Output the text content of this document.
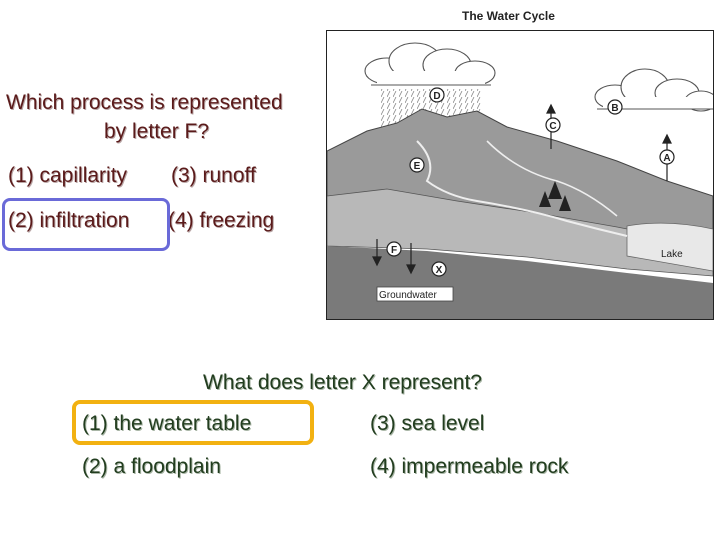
Which process is represented
by letter F?
(1) capillarity (3) runoff
(2) infiltration (4) freezing
The Water Cycle
D
B
C
A
E
F
X
Lake
Groundwater
What does letter X represent?
(1) the water table	(3) sea level
(2) a floodplain	(4) impermeable rock
